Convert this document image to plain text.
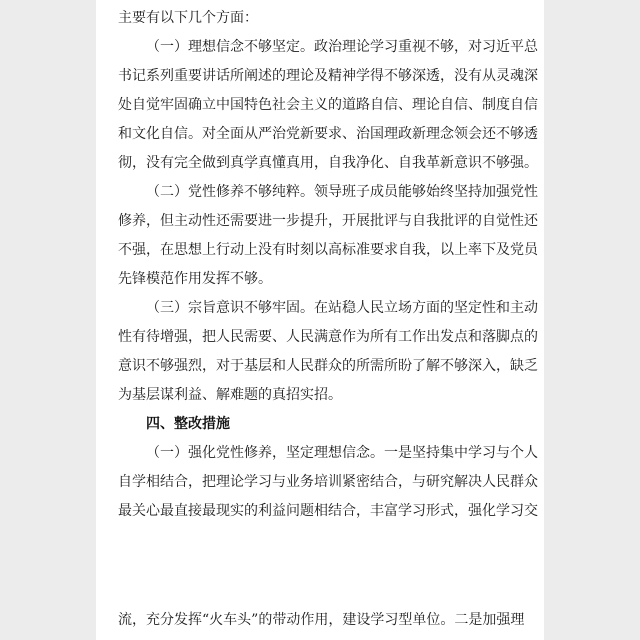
主要有以下几个方面：
（一）理想信念不够坚定。政治理论学习重视不够，对习近平总
书记系列重要讲话所阐述的理论及精神学得不够深透，没有从灵魂深
处自觉牢固确立中国特色社会主义的道路自信、理论自信、制度自信
和文化自信。对全面从严治党新要求、治国理政新理念领会还不够透
彻，没有完全做到真学真懂真用，自我净化、自我革新意识不够强。
（二）党性修养不够纯粹。领导班子成员能够始终坚持加强党性
修养，但主动性还需要进一步提升，开展批评与自我批评的自觉性还
不强，在思想上行动上没有时刻以高标准要求自我，以上率下及党员
先锋模范作用发挥不够。
（三）宗旨意识不够牢固。在站稳人民立场方面的坚定性和主动
性有待增强，把人民需要、人民满意作为所有工作出发点和落脚点的
意识不够强烈，对于基层和人民群众的所需所盼了解不够深入，缺乏
为基层谋利益、解难题的真招实招。
四、整改措施
（一）强化党性修养，坚定理想信念。一是坚持集中学习与个人
自学相结合，把理论学习与业务培训紧密结合，与研究解决人民群众
最关心最直接最现实的利益问题相结合，丰富学习形式，强化学习交
流，充分发挥“火车头”的带动作用，建设学习型单位。二是加强理
